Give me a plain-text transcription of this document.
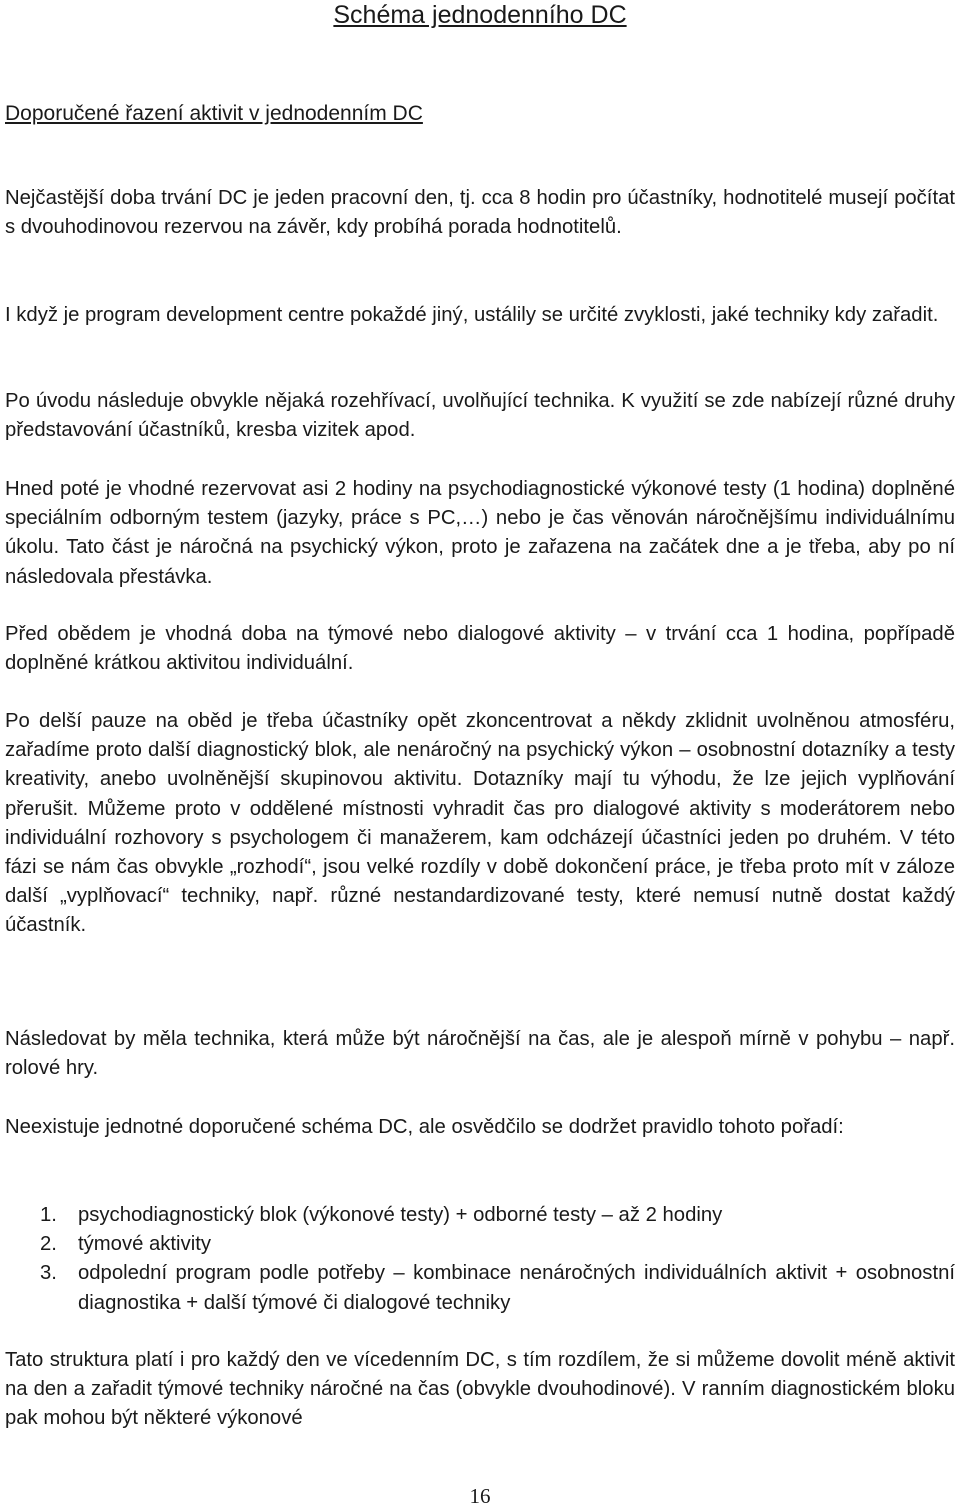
Schéma jednodenního DC
Doporučené řazení aktivit v jednodenním DC

Nejčastější doba trvání DC je jeden pracovní den, tj. cca 8 hodin pro účastníky, hodnotitelé musejí počítat s dvouhodinovou rezervou na závěr, kdy probíhá porada hodnotitelů.

I když je program development centre pokaždé jiný, ustálily se určité zvyklosti, jaké techniky kdy zařadit.

Po úvodu následuje obvykle nějaká rozehřívací, uvolňující technika. K využití se zde nabízejí různé druhy představování účastníků, kresba vizitek apod.

Hned poté je vhodné rezervovat asi 2 hodiny na psychodiagnostické výkonové testy (1 hodina) doplněné speciálním odborným testem (jazyky, práce s PC,…) nebo je čas věnován náročnějšímu individuálnímu úkolu. Tato část je náročná na psychický výkon, proto je zařazena na začátek dne a je třeba, aby po ní následovala přestávka.

Před obědem je vhodná doba na týmové nebo dialogové aktivity – v trvání cca 1 hodina, popřípadě doplněné krátkou aktivitou individuální.

Po delší pauze na oběd je třeba účastníky opět zkoncentrovat a někdy zklidnit uvolněnou atmosféru, zařadíme proto další diagnostický blok, ale nenáročný na psychický výkon – osobnostní dotazníky a testy kreativity, anebo uvolněnější skupinovou aktivitu. Dotazníky mají tu výhodu, že lze jejich vyplňování přerušit. Můžeme proto v oddělené místnosti vyhradit čas pro dialogové aktivity s moderátorem nebo individuální rozhovory s psychologem či manažerem, kam odcházejí účastníci jeden po druhém. V této fázi se nám čas obvykle „rozhodí“, jsou velké rozdíly v době dokončení práce, je třeba proto mít v záloze další „vyplňovací“ techniky, např. různé nestandardizované testy, které nemusí nutně dostat každý účastník.

Následovat by měla technika, která může být náročnější na čas, ale je alespoň mírně v pohybu – např. rolové hry.

Neexistuje jednotné doporučené schéma DC, ale osvědčilo se dodržet pravidlo tohoto pořadí:

1. psychodiagnostický blok (výkonové testy) + odborné testy – až 2 hodiny
2. týmové aktivity
3. odpolední program podle potřeby – kombinace nenáročných individuálních aktivit + osobnostní diagnostika + další týmové či dialogové techniky

Tato struktura platí i pro každý den ve vícedenním DC, s tím rozdílem, že si můžeme dovolit méně aktivit na den a zařadit týmové techniky náročné na čas (obvykle dvouhodinové). V ranním diagnostickém bloku pak mohou být některé výkonové

16
